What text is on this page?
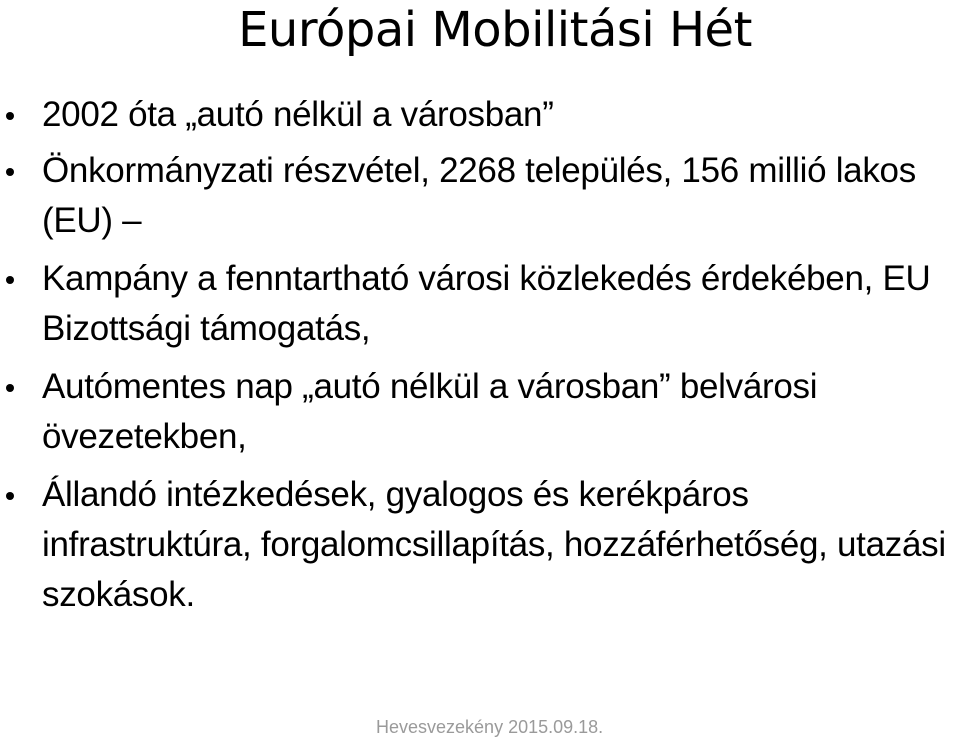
Európai Mobilitási Hét
2002 óta „autó nélkül a városban”
Önkormányzati részvétel, 2268 település, 156 millió lakos (EU) –
Kampány a fenntartható városi közlekedés érdekében, EU Bizottsági támogatás,
Autómentes nap „autó nélkül a városban” belvárosi övezetekben,
Állandó intézkedések, gyalogos és kerékpáros infrastruktúra, forgalomcsillapítás, hozzáférhetőség, utazási szokások.
Hevesvezekény 2015.09.18.
